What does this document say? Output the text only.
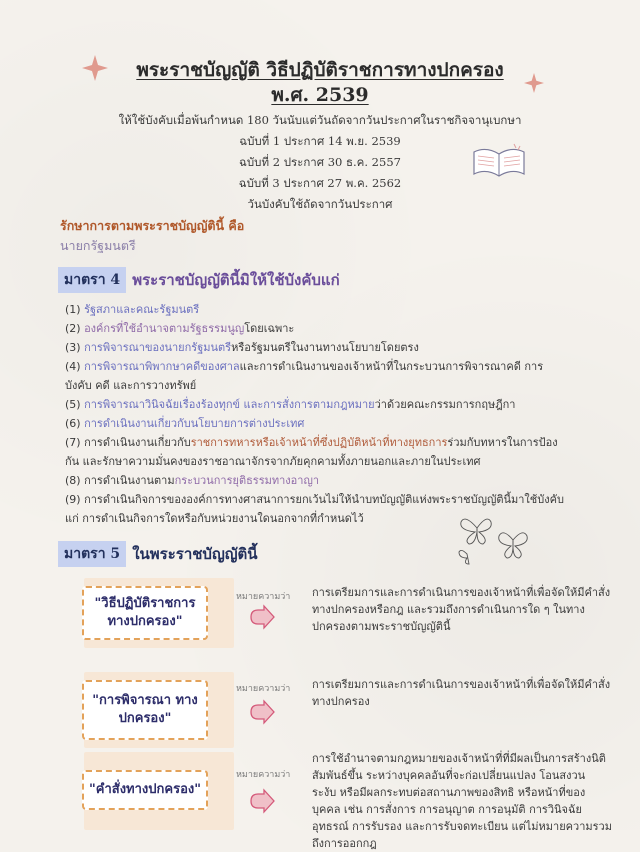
พระราชบัญญัติ วิธีปฏิบัติราชการทางปกครอง
พ.ศ. 2539
ให้ใช้บังคับเมื่อพ้นกำหนด 180 วันนับแต่วันถัดจากวันประกาศในราชกิจจานุเบกษา
ฉบับที่ 1 ประกาศ 14 พ.ย. 2539
ฉบับที่ 2 ประกาศ 30 ธ.ค. 2557
ฉบับที่ 3 ประกาศ 27 พ.ค. 2562
วันบังคับใช้ถัดจากวันประกาศ
รักษาการตามพระราชบัญญัตินี้ คือ
นายกรัฐมนตรี
มาตรา 4 พระราชบัญญัตินี้มิให้ใช้บังคับแก่

(1) รัฐสภาและคณะรัฐมนตรี

(2) องค์กรที่ใช้อำนาจตามรัฐธรรมนูญโดยเฉพาะ

(3) การพิจารณาของนายกรัฐมนตรีหรือรัฐมนตรีในงานทางนโยบายโดยตรง

(4) การพิจารณาพิพากษาคดีของศาลและการดำเนินงานของเจ้าหน้าที่ในกระบวนการพิจารณาคดี การ

บังคับ คดี และการวางทรัพย์

(5) การพิจารณาวินิจฉัยเรื่องร้องทุกข์ และการสั่งการตามกฎหมายว่าด้วยคณะกรรมการกฤษฎีกา

(6) การดำเนินงานเกี่ยวกับนโยบายการต่างประเทศ

(7) การดำเนินงานเกี่ยวกับราชการทหารหรือเจ้าหน้าที่ซึ่งปฏิบัติหน้าที่ทางยุทธการร่วมกับทหารในการป้อง

กัน และรักษาความมั่นคงของราชอาณาจักรจากภัยคุกคามทั้งภายนอกและภายในประเทศ

(8) การดำเนินงานตามกระบวนการยุติธรรมทางอาญา

(9) การดำเนินกิจการขององค์การทางศาสนาการยกเว้นไม่ให้นำบทบัญญัติแห่งพระราชบัญญัตินี้มาใช้บังคับ

แก่ การดำเนินกิจการใดหรือกับหน่วยงานใดนอกจากที่กำหนดไว้

มาตรา 5 ในพระราชบัญญัตินี้
"วิธีปฏิบัติราชการ ทางปกครอง"
หมายความว่า การเตรียมการและการดำเนินการของเจ้าหน้าที่เพื่อจัดให้มีคำสั่งทางปกครองหรือกฎ และรวมถึงการดำเนินการใด ๆ ในทางปกครองตามพระราชบัญญัตินี้
"การพิจารณา ทางปกครอง"
หมายความว่า การเตรียมการและการดำเนินการของเจ้าหน้าที่เพื่อจัดให้มีคำสั่งทางปกครอง
"คำสั่งทางปกครอง"
หมายความว่า
การใช้อำนาจตามกฎหมายของเจ้าหน้าที่ที่มีผลเป็นการสร้างนิติสัมพันธ์ขึ้น ระหว่างบุคคลอันที่จะก่อเปลี่ยนแปลง โอนสงวน ระงับ หรือมีผลกระทบต่อสถานภาพของสิทธิ หรือหน้าที่ของบุคคล เช่น การสั่งการ การอนุญาต การอนุมัติ การวินิจฉัยอุทธรณ์ การรับรอง และการรับจดทะเบียน แต่ไม่หมายความรวมถึงการออกกฎ
